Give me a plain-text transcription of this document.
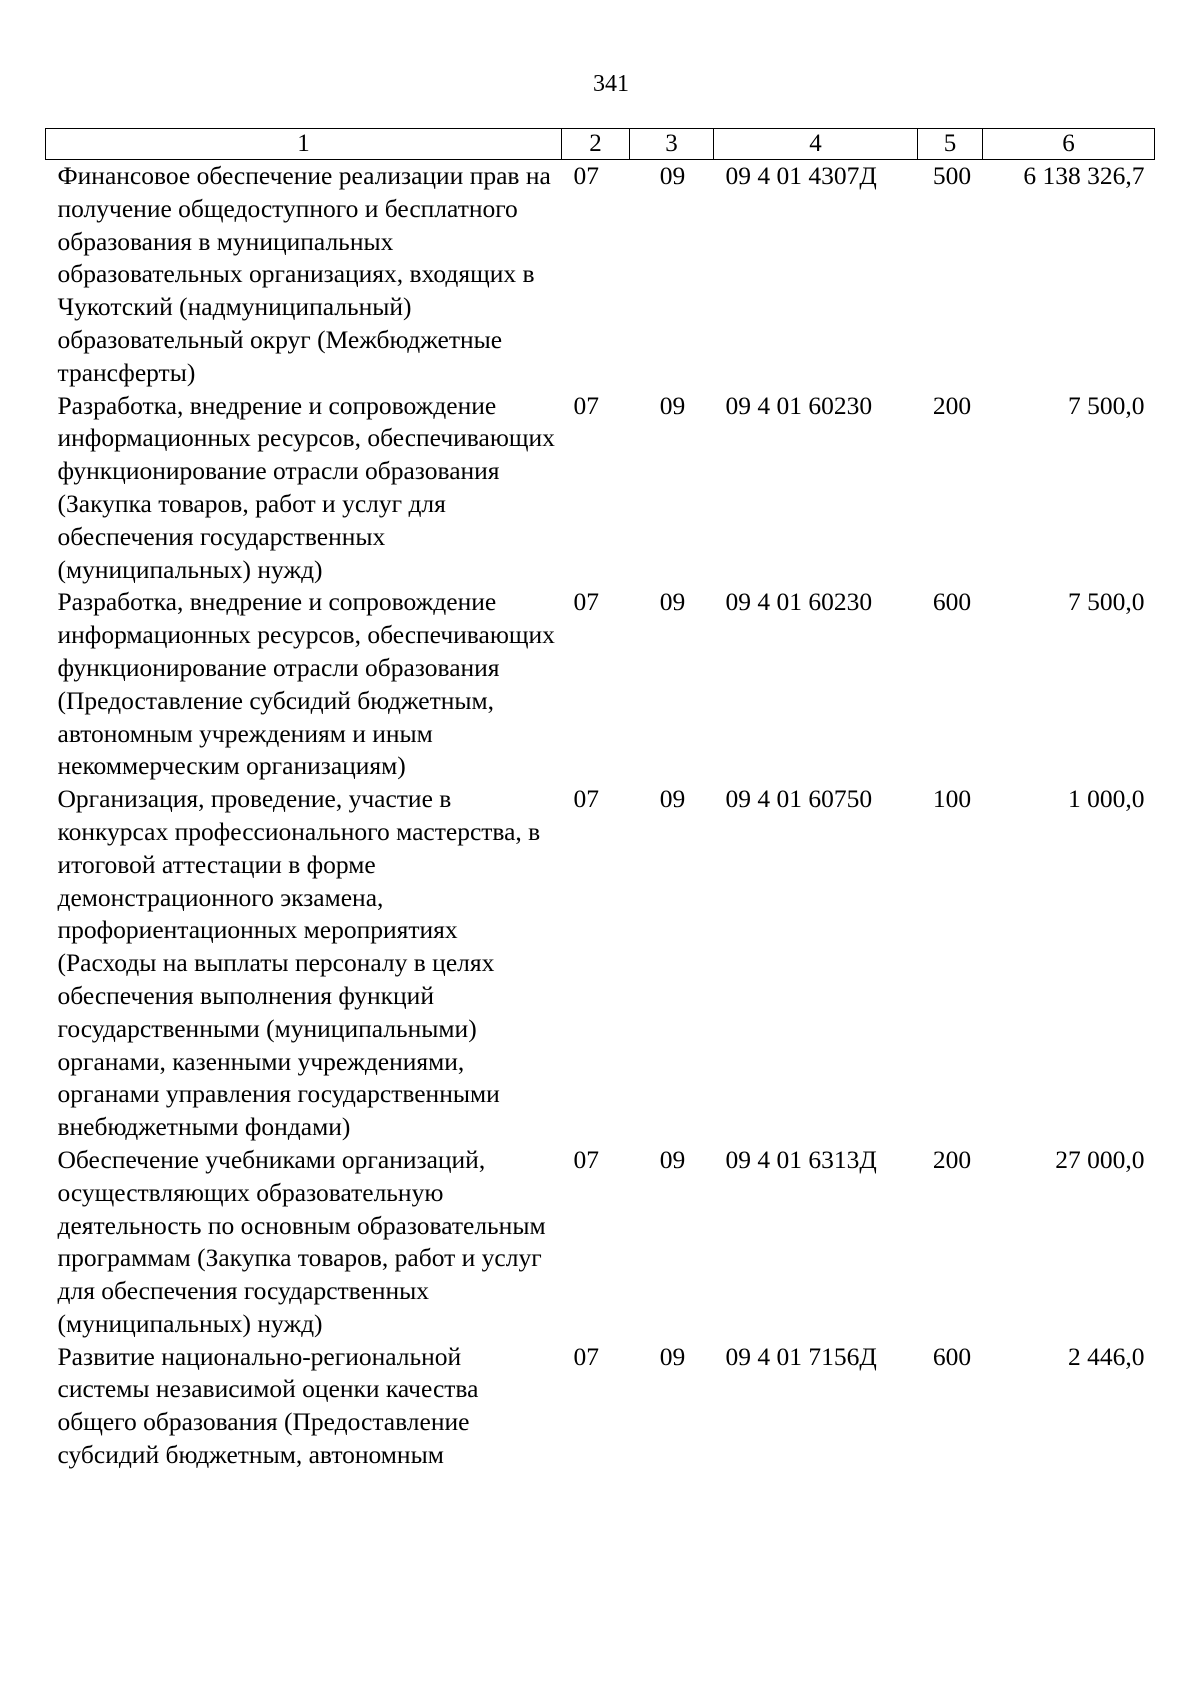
341
1	2	3	4	5	6
Финансовое обеспечение реализации прав на получение общедоступного и бесплатного образования в муниципальных образовательных организациях, входящих в Чукотский (надмуниципальный) образовательный округ (Межбюджетные трансферты)	07	09	09 4 01 4307Д	500	6 138 326,7
Разработка, внедрение и сопровождение информационных ресурсов, обеспечивающих функционирование отрасли образования (Закупка товаров, работ и услуг для обеспечения государственных (муниципальных) нужд)	07	09	09 4 01 60230	200	7 500,0
Разработка, внедрение и сопровождение информационных ресурсов, обеспечивающих функционирование отрасли образования (Предоставление субсидий бюджетным, автономным учреждениям и иным некоммерческим организациям)	07	09	09 4 01 60230	600	7 500,0
Организация, проведение, участие в конкурсах профессионального мастерства, в итоговой аттестации в форме демонстрационного экзамена, профориентационных мероприятиях (Расходы на выплаты персоналу в целях обеспечения выполнения функций государственными (муниципальными) органами, казенными учреждениями, органами управления государственными внебюджетными фондами)	07	09	09 4 01 60750	100	1 000,0
Обеспечение учебниками организаций, осуществляющих образовательную деятельность по основным образовательным программам (Закупка товаров, работ и услуг для обеспечения государственных (муниципальных) нужд)	07	09	09 4 01 6313Д	200	27 000,0
Развитие национально-региональной системы независимой оценки качества общего образования (Предоставление субсидий бюджетным, автономным	07	09	09 4 01 7156Д	600	2 446,0
